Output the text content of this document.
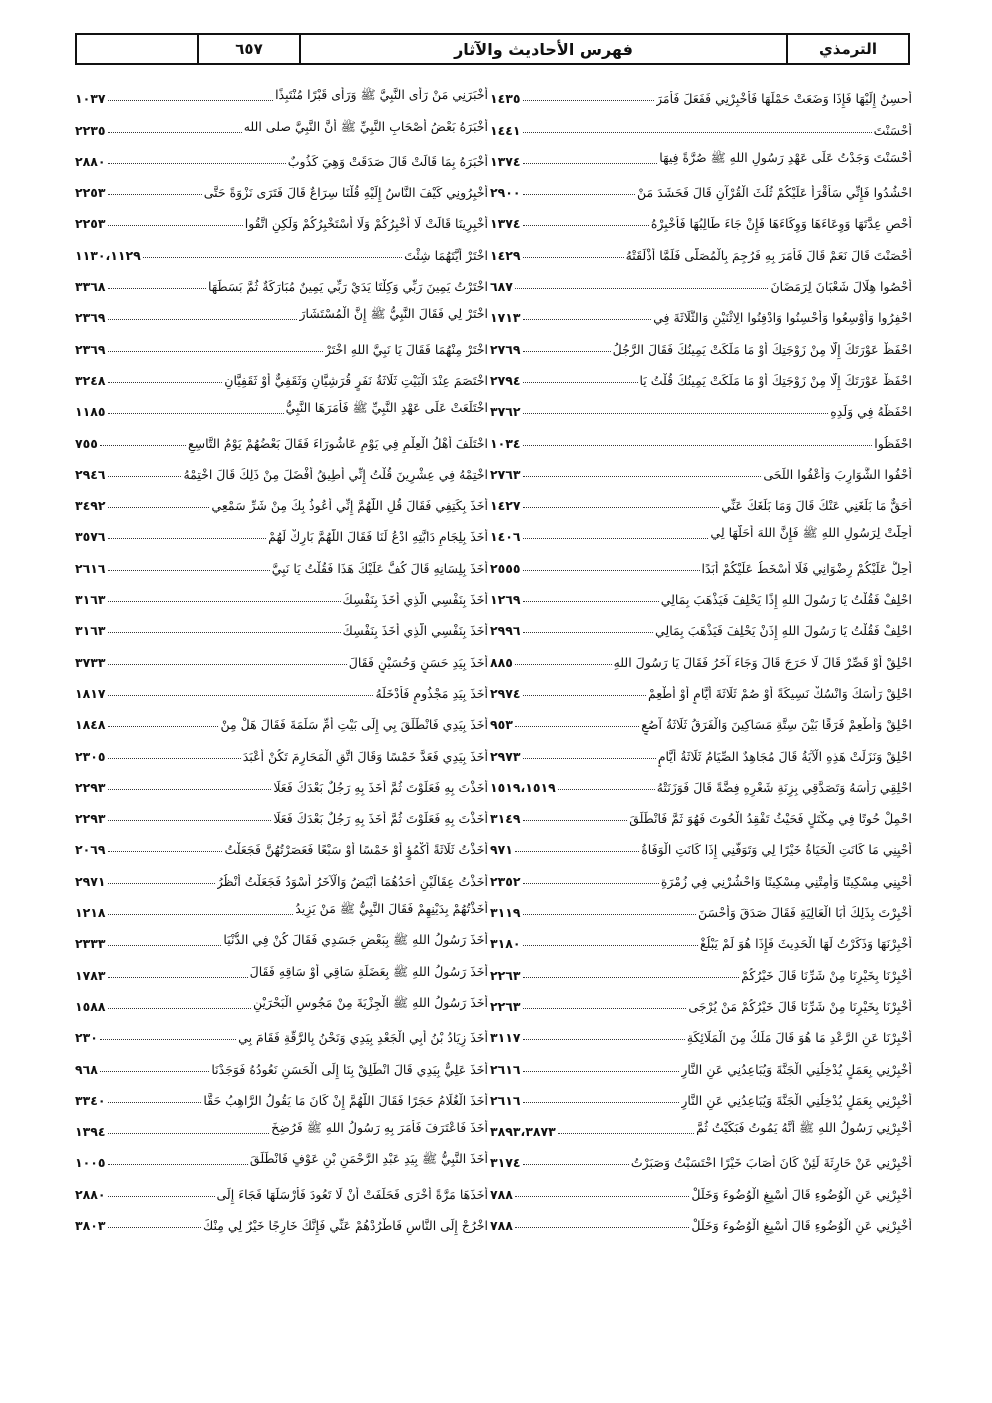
الترمذي
فهرس الأحاديث والآثار
٦٥٧
أحسِنُ إِلَيْهَا فَإِذَا وَضَعَتْ حَمْلَهَا فَأَخْبِرْنِي فَفَعَلَ فَأَمَرَ
١٤٣٥
أَحْسَنْتَ
١٤٤١
أَحْسَنْتَ وَجَدْتُ عَلَى عَهْدِ رَسُولِ اللهِ ﷺ صُرَّةً فِيهَا
١٣٧٤
احْشُدُوا فَإِنِّي سَأَقْرَأُ عَلَيْكُمْ ثُلُثَ الْقُرْآنِ قَالَ فَحَشَدَ مَنْ
٢٩٠٠
أَحْصِ عِدَّتَهَا وَوِعَاءَهَا وَوِكَاءَهَا فَإِنْ جَاءَ طَالِبُهَا فَأَخْبِرْهُ
١٣٧٤
أَحْصَنْتَ قَالَ نَعَمْ قَالَ فَأَمَرَ بِهِ فَرُجِمَ بِالْمُصَلَّى فَلَمَّا أَذْلَقَتْهُ
١٤٢٩
أَحْصُوا هِلَالَ شَعْبَانَ لِرَمَضَانَ
٦٨٧
احْفِرُوا وَأَوْسِعُوا وَأَحْسِنُوا وَادْفِنُوا الِاثْنَيْنِ وَالثَّلَاثَةَ فِي
١٧١٣
احْفَظْ عَوْرَتَكَ إِلَّا مِنْ زَوْجَتِكَ أَوْ مَا مَلَكَتْ يَمِينُكَ فَقَالَ الرَّجُلُ
٢٧٦٩
احْفَظْ عَوْرَتَكَ إِلَّا مِنْ زَوْجَتِكَ أَوْ مَا مَلَكَتْ يَمِينُكَ قُلْتُ يَا
٢٧٩٤
احْفَظْهُ فِي وَلَدِهِ
٣٧٦٢
احْفَظُوا
١٠٣٤
أَحْفُوا الشَّوَارِبَ وَأَعْفُوا اللِّحَى
٢٧٦٣
أَحَقٌّ مَا بَلَغَنِي عَنْكَ قَالَ وَمَا بَلَغَكَ عَنِّي
١٤٢٧
أُحِلَّتْ لِرَسُولِ اللهِ ﷺ فَإِنَّ اللهَ أَحَلَّهَا لِي
١٤٠٦
أُحِلُّ عَلَيْكُمْ رِضْوَانِي فَلَا أَسْخَطُ عَلَيْكُمْ أَبَدًا
٢٥٥٥
احْلِفْ فَقُلْتُ يَا رَسُولَ اللهِ إِذًا يَحْلِفَ فَيَذْهَبَ بِمَالِي
١٢٦٩
احْلِفْ فَقُلْتُ يَا رَسُولَ اللهِ إِذَنْ يَحْلِفَ فَيَذْهَبَ بِمَالِي
٢٩٩٦
احْلِقْ أَوْ قَصِّرْ قَالَ لَا حَرَجَ قَالَ وَجَاءَ آخَرُ فَقَالَ يَا رَسُولَ اللهِ
٨٨٥
احْلِقْ رَأْسَكَ وَانْسُكْ نَسِيكَةً أَوْ صُمْ ثَلَاثَةَ أَيَّامٍ أَوْ أَطْعِمْ
٢٩٧٤
احْلِقْ وَأَطْعِمْ فَرَقًا بَيْنَ سِتَّةِ مَسَاكِينَ وَالْفَرَقُ ثَلَاثَةُ آصُعٍ
٩٥٣
احْلِقْ وَنَزَلَتْ هَذِهِ الْآيَةُ قَالَ مُجَاهِدٌ الصِّيَامُ ثَلَاثَةُ أَيَّامٍ
٢٩٧٣
احْلِقِي رَأْسَهُ وَتَصَدَّقِي بِزِنَةِ شَعْرِهِ فِضَّةً قَالَ فَوَزَنَتْهُ
١٥١٩،١٥١٩
احْمِلْ حُوتًا فِي مِكْتَلٍ فَحَيْثُ تَفْقِدُ الْحُوتَ فَهُوَ ثَمَّ فَانْطَلَقَ
٣١٤٩
أَحْيِنِي مَا كَانَتِ الْحَيَاةُ خَيْرًا لِي وَتَوَفَّنِي إِذَا كَانَتِ الْوَفَاةُ
٩٧١
أَحْيِنِي مِسْكِينًا وَأَمِتْنِي مِسْكِينًا وَاحْشُرْنِي فِي زُمْرَةِ
٢٣٥٢
أُخْبِرْتَ بِذَلِكَ أَبَا الْعَالِيَةِ فَقَالَ صَدَقَ وَأَحْسَنَ
٣١١٩
أَخْبِرْنَهَا وَذَكَرْتُ لَهَا الْحَدِيثَ فَإِذَا هُوَ لَمْ يَبْلُغْ
٣١٨٠
أَخْبِرْنَا بِخَيْرِنَا مِنْ شَرِّنَا قَالَ خَيْرُكُمْ
٢٢٦٣
أَخْبِرْنَا بِخَيْرِنَا مِنْ شَرِّنَا قَالَ خَيْرُكُمْ مَنْ يُرْجَى
٢٢٦٣
أَخْبِرْنَا عَنِ الرَّعْدِ مَا هُوَ قَالَ مَلَكٌ مِنَ الْمَلَائِكَةِ
٣١١٧
أَخْبِرْنِي بِعَمَلٍ يُدْخِلُنِي الْجَنَّةَ وَيُبَاعِدُنِي عَنِ النَّارِ
٢٦١٦
أَخْبِرْنِي بِعَمَلٍ يُدْخِلُنِي الْجَنَّةَ وَيُبَاعِدُنِي عَنِ النَّارِ
٢٦١٦
أَخْبِرْنِي رَسُولُ اللهِ ﷺ أَنَّهُ يَمُوتُ فَبَكَيْتُ ثُمَّ
٣٨٩٣،٣٨٧٣
أَخْبِرْنِي عَنْ حَارِثَةَ لَئِنْ كَانَ أَصَابَ خَيْرًا احْتَسَبْتُ وَصَبَرْتُ
٣١٧٤
أَخْبِرْنِي عَنِ الْوُضُوءِ قَالَ أَسْبِغِ الْوُضُوءَ وَخَلِّلْ
٧٨٨
أَخْبِرْنِي عَنِ الْوُضُوءِ قَالَ أَسْبِغِ الْوُضُوءَ وَخَلِّلْ
٧٨٨
أَخْبَرَنِي مَنْ رَأَى النَّبِيَّ ﷺ وَرَأَى قَبْرًا مُنْتَبِذًا
١٠٣٧
أَخْبَرَهُ بَعْضُ أَصْحَابِ النَّبِيِّ ﷺ أَنَّ النَّبِيَّ صلى الله
٢٢٣٥
أَخْبَرَهُ بِمَا قَالَتْ قَالَ صَدَقَتْ وَهِيَ كَذُوبٌ
٢٨٨٠
أَخْبِرُونِي كَيْفَ النَّاسُ إِلَيْهِ قُلْنَا سِرَاعٌ قَالَ فَتَرَى نَزْوَةً حَتَّى
٢٢٥٣
أَخْبِرِينَا قَالَتْ لَا أُخْبِرُكُمْ وَلَا أَسْتَخْبِرُكُمْ وَلَكِنِ اتَّقُوا
٢٢٥٣
اخْتَرْ أَيَّتَهُمَا شِئْتَ
١١٣٠،١١٢٩
اخْتَرْتُ يَمِينَ رَبِّي وَكِلْتَا يَدَيْ رَبِّي يَمِينٌ مُبَارَكَةٌ ثُمَّ بَسَطَهَا
٣٣٦٨
اخْتَرْ لِي فَقَالَ النَّبِيُّ ﷺ إِنَّ الْمُسْتَشَارَ
٢٣٦٩
اخْتَرْ مِنْهُمَا فَقَالَ يَا نَبِيَّ اللهِ اخْتَرْ
٢٣٦٩
اخْتَصَمَ عِنْدَ الْبَيْتِ ثَلَاثَةُ نَفَرٍ قُرَشِيَّانِ وَثَقَفِيٌّ أَوْ ثَقَفِيَّانِ
٣٢٤٨
اخْتَلَعَتْ عَلَى عَهْدِ النَّبِيِّ ﷺ فَأَمَرَهَا النَّبِيُّ
١١٨٥
اخْتَلَفَ أَهْلُ الْعِلْمِ فِي يَوْمِ عَاشُورَاءَ فَقَالَ بَعْضُهُمْ يَوْمُ التَّاسِعِ
٧٥٥
اخْتِمْهُ فِي عِشْرِينَ قُلْتُ إِنِّي أُطِيقُ أَفْضَلَ مِنْ ذَلِكَ قَالَ اخْتِمْهُ
٢٩٤٦
أَخَذَ بِكَتِفِي فَقَالَ قُلِ اللَّهُمَّ إِنِّي أَعُوذُ بِكَ مِنْ شَرِّ سَمْعِي
٣٤٩٢
أَخَذَ بِلِجَامِ دَابَّتِهِ ادْعُ لَنَا فَقَالَ اللَّهُمَّ بَارِكْ لَهُمْ
٣٥٧٦
أَخَذَ بِلِسَانِهِ قَالَ كُفَّ عَلَيْكَ هَذَا فَقُلْتُ يَا نَبِيَّ
٢٦١٦
أَخَذَ بِنَفْسِي الَّذِي أَخَذَ بِنَفْسِكَ
٣١٦٣
أَخَذَ بِنَفْسِي الَّذِي أَخَذَ بِنَفْسِكَ
٣١٦٣
أَخَذَ بِيَدِ حَسَنٍ وَحُسَيْنٍ فَقَالَ
٣٧٣٣
أَخَذَ بِيَدِ مَجْذُومٍ فَأَدْخَلَهُ
١٨١٧
أَخَذَ بِيَدِي فَانْطَلَقَ بِي إِلَى بَيْتِ أُمِّ سَلَمَةَ فَقَالَ هَلْ مِنْ
١٨٤٨
أَخَذَ بِيَدِي فَعَدَّ خَمْسًا وَقَالَ اتَّقِ الْمَحَارِمَ تَكُنْ أَعْبَدَ
٢٣٠٥
أَخَذْتَ بِهِ فَعَلَوْتَ ثُمَّ أَخَذَ بِهِ رَجُلٌ بَعْدَكَ فَعَلَا
٢٢٩٣
أَخَذْتَ بِهِ فَعَلَوْتَ ثُمَّ أَخَذَ بِهِ رَجُلٌ بَعْدَكَ فَعَلَا
٢٢٩٣
أَخَذْتُ ثَلَاثَةً أَكْمُؤٍ أَوْ خَمْسًا أَوْ سَبْعًا فَعَصَرْتُهُنَّ فَجَعَلْتُ
٢٠٦٩
أَخَذْتُ عِقَالَيْنِ أَحَدُهُمَا أَبْيَضُ وَالْآخَرُ أَسْوَدُ فَجَعَلْتُ أَنْظُرُ
٢٩٧١
أَخَذْتُهُمْ بِدَيْنِهِمْ فَقَالَ النَّبِيُّ ﷺ مَنْ يَزِيدُ
١٢١٨
أَخَذَ رَسُولُ اللهِ ﷺ بِبَعْضِ جَسَدِي فَقَالَ كُنْ فِي الدُّنْيَا
٢٣٣٣
أَخَذَ رَسُولُ اللهِ ﷺ بِعَضَلَةِ سَاقِي أَوْ سَاقِهِ فَقَالَ
١٧٨٣
أَخَذَ رَسُولُ اللهِ ﷺ الْجِزْيَةَ مِنْ مَجُوسِ الْبَحْرَيْنِ
١٥٨٨
أَخَذَ زِيَادُ بْنُ أَبِي الْجَعْدِ بِيَدِي وَنَحْنُ بِالرَّقَّةِ فَقَامَ بِي
٢٣٠
أَخَذَ عَلِيٌّ بِيَدِي قَالَ انْطَلِقْ بِنَا إِلَى الْحَسَنِ نَعُودُهُ فَوَجَدْنَا
٩٦٨
أَخَذَ الْغُلَامُ حَجَرًا فَقَالَ اللَّهُمَّ إِنْ كَانَ مَا يَقُولُ الرَّاهِبُ حَقًّا
٣٣٤٠
أَخَذَ فَاعْتَرَفَ فَأَمَرَ بِهِ رَسُولُ اللهِ ﷺ فَرُضِخَ
١٣٩٤
أَخَذَ النَّبِيُّ ﷺ بِيَدِ عَبْدِ الرَّحْمَنِ بْنِ عَوْفٍ فَانْطَلَقَ
١٠٠٥
أَخَذَهَا مَرَّةً أُخْرَى فَحَلَفَتْ أَنْ لَا تَعُودَ فَأَرْسَلَهَا فَجَاءَ إِلَى
٢٨٨٠
اخْرُجْ إِلَى النَّاسِ فَاطْرُدْهُمْ عَنِّي فَإِنَّكَ خَارِجًا خَيْرٌ لِي مِنْكَ
٣٨٠٣
